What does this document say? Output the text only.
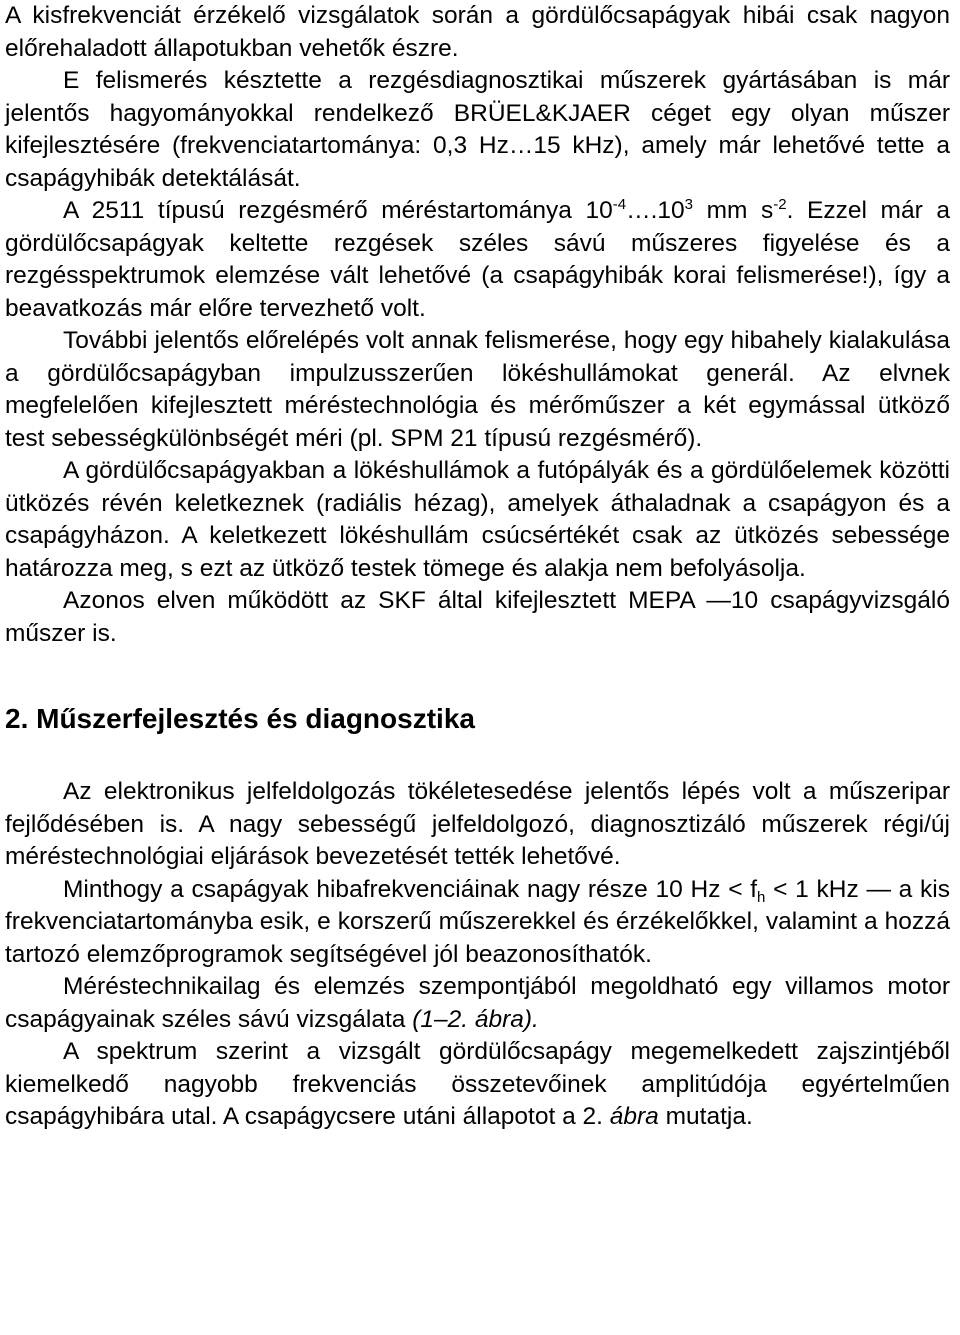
A kisfrekvenciát érzékelő vizsgálatok során a gördülőcsapágyak hibái csak nagyon előrehaladott állapotukban vehetők észre.

E felismerés késztette a rezgésdiagnosztikai műszerek gyártásában is már jelentős hagyományokkal rendelkező BRÜEL&KJAER céget egy olyan műszer kifejlesztésére (frekvenciatartománya: 0,3 Hz…15 kHz), amely már lehetővé tette a csapágyhibák detektálását.

A 2511 típusú rezgésmérő méréstartománya $10^{-4}\dots.10^3$ mm $s^{-2}$. Ezzel már a gördülőcsapágyak keltette rezgések széles sávú műszeres figyelése és a rezgésspektrumok elemzése vált lehetővé (a csapágyhibák korai felismerése!), így a beavatkozás már előre tervezhető volt.

További jelentős előrelépés volt annak felismerése, hogy egy hibahely kialakulása a gördülőcsapágyban impulzusszerűen lökéshullámokat generál. Az elvnek megfelelően kifejlesztett méréstechnológia és mérőműszer a két egymással ütköző test sebességkülönbségét méri (pl. SPM 21 típusú rezgésmérő).

A gördülőcsapágyakban a lökéshullámok a futópályák és a gördülőelemek közötti ütközés révén keletkeznek (radiális hézag), amelyek áthaladnak a csapágyon és a csapágyházon. A keletkezett lökéshullám csúcsértékét csak az ütközés sebessége határozza meg, s ezt az ütköző testek tömege és alakja nem befolyásolja.

Azonos elven működött az SKF által kifejlesztett MEPA —10 csapágyvizsgáló műszer is.

2. Műszerfejlesztés és diagnosztika

Az elektronikus jelfeldolgozás tökéletesedése jelentős lépés volt a műszeripar fejlődésében is. A nagy sebességű jelfeldolgozó, diagnosztizáló műszerek régi/új méréstechnológiai eljárások bevezetését tették lehetővé.

Minthogy a csapágyak hibafrekvenciáinak nagy része 10 $Hz < f_h < 1$ kHz — a kis frekvenciatartományba esik, e korszerű műszerekkel és érzékelőkkel, valamint a hozzá tartozó elemzőprogramok segítségével jól beazonosíthatók.

Méréstechnikailag és elemzés szempontjából megoldható egy villamos motor csapágyainak széles sávú vizsgálata (1–2. ábra).

A spektrum szerint a vizsgált gördülőcsapágy megemelkedett zajszintjéből kiemelkedő nagyobb frekvenciás összetevőinek amplitúdója egyértelműen csapágyhibára utal. A csapágycsere utáni állapotot a 2. ábra mutatja.
